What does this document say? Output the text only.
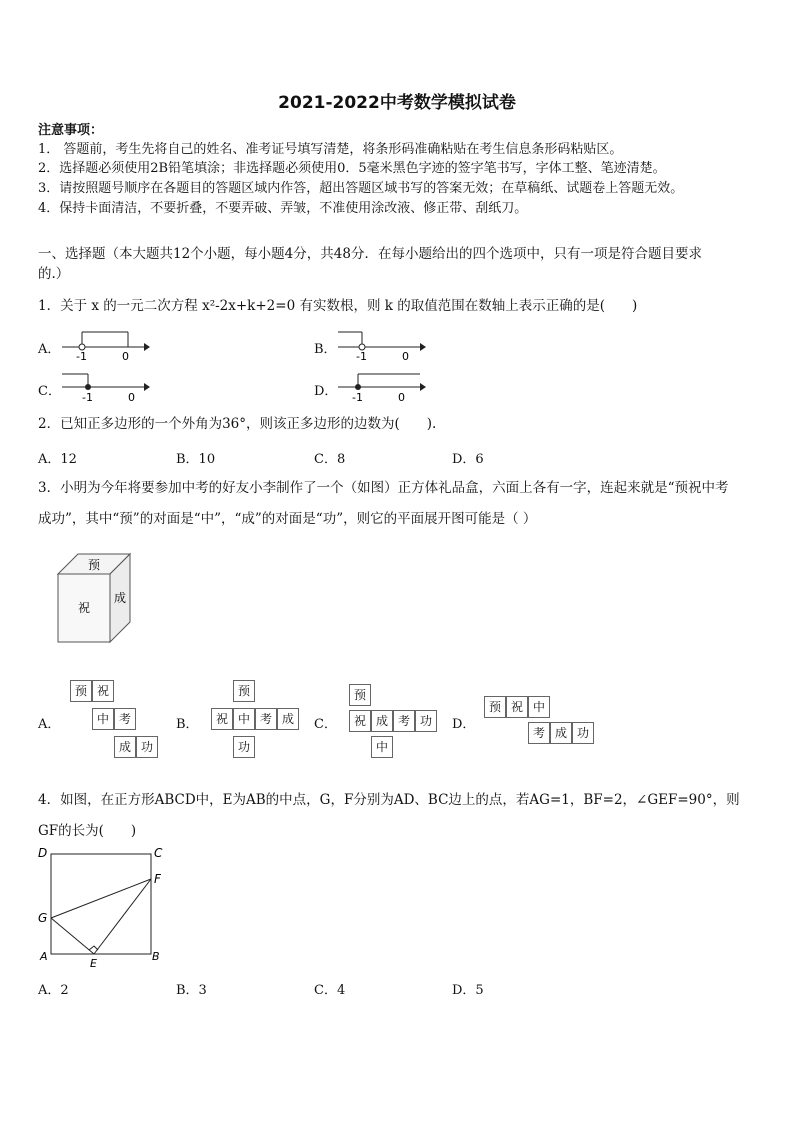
2021-2022中考数学模拟试卷
注意事项：
1． 答题前，考生先将自己的姓名、准考证号填写清楚，将条形码准确粘贴在考生信息条形码粘贴区。
2．选择题必须使用2B铅笔填涂；非选择题必须使用0．5毫米黑色字迹的签字笔书写，字体工整、笔迹清楚。
3．请按照题号顺序在各题目的答题区域内作答，超出答题区域书写的答案无效；在草稿纸、试题卷上答题无效。
4．保持卡面清洁，不要折叠，不要弄破、弄皱，不准使用涂改液、修正带、刮纸刀。
一、选择题（本大题共12个小题，每小题4分，共48分．在每小题给出的四个选项中，只有一项是符合题目要求
的.）
1．关于 x 的一元二次方程 x²-2x+k+2=0 有实数根，则 k 的取值范围在数轴上表示正确的是(　　)
A． -1	0	B． -1	0
C． -1	0	D． -1	0
2．已知正多边形的一个外角为36°，则该正多边形的边数为(　　).
A．12	B．10	C．8	D．6
3．小明为今年将要参加中考的好友小李制作了一个（如图）正方体礼品盒，六面上各有一字，连起来就是“预祝中考
成功”，其中“预”的对面是“中”，“成”的对面是“功”，则它的平面展开图可能是（ ）
预
祝
成
A．
预 祝
中 考
成 功
B．
预
祝 中 考 成
功
C．
预
祝 成 考 功
中
D．
预 祝 中
考 成 功
4．如图，在正方形ABCD中，E为AB的中点，G，F分别为AD、BC边上的点，若AG=1，BF=2，∠GEF=90°，则
GF的长为(　　)
D	C
F
G
A
E
B
A．2	B．3	C．4	D．5
